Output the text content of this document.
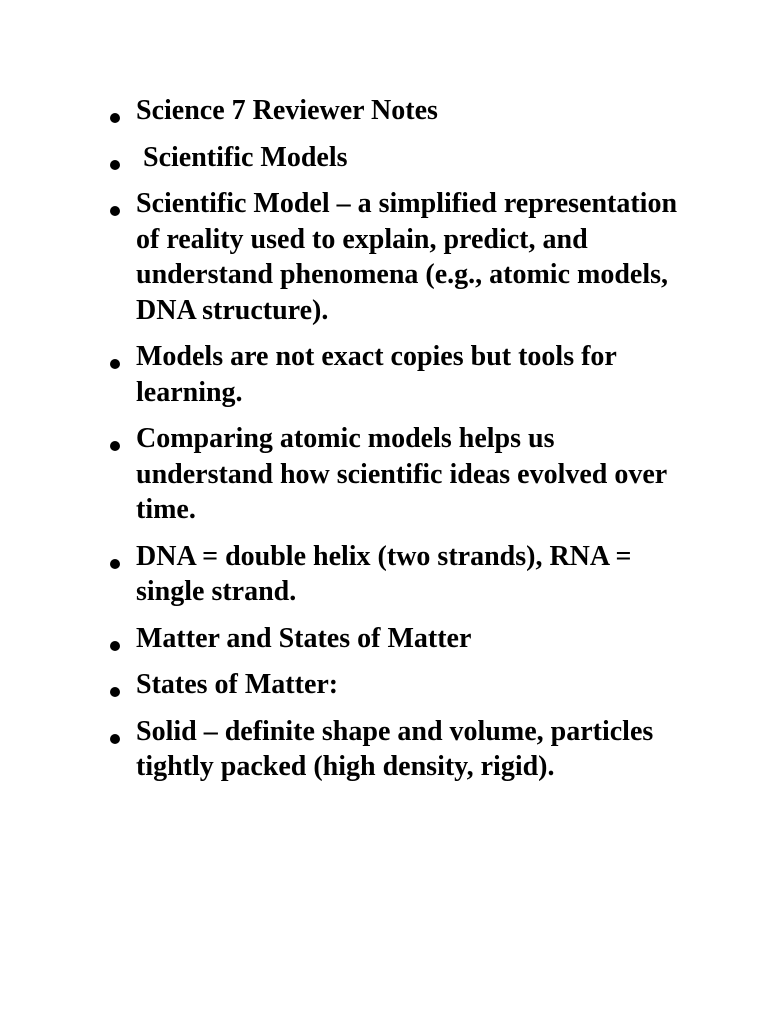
Science 7 Reviewer Notes
Scientific Models
Scientific Model – a simplified representation of reality used to explain, predict, and understand phenomena (e.g., atomic models, DNA structure).
Models are not exact copies but tools for learning.
Comparing atomic models helps us understand how scientific ideas evolved over time.
DNA = double helix (two strands), RNA = single strand.
Matter and States of Matter
States of Matter:
Solid – definite shape and volume, particles tightly packed (high density, rigid).
